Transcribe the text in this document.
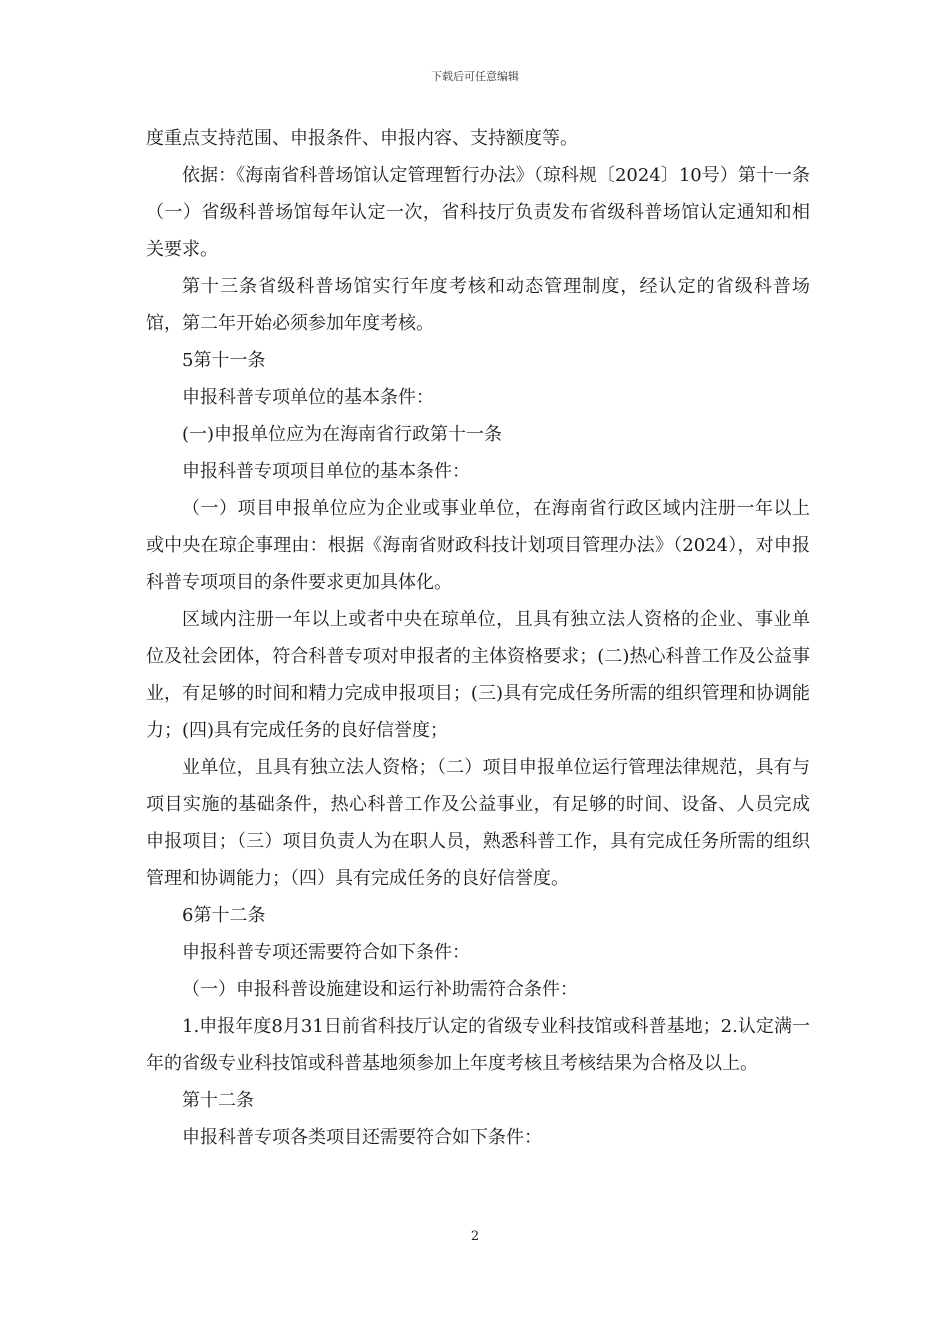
下载后可任意编辑

度重点支持范围、申报条件、申报内容、支持额度等。

依据：《海南省科普场馆认定管理暂行办法》（琼科规〔2024〕10号）第十一条（一）省级科普场馆每年认定一次，省科技厅负责发布省级科普场馆认定通知和相关要求。

第十三条省级科普场馆实行年度考核和动态管理制度，经认定的省级科普场馆，第二年开始必须参加年度考核。

5第十一条

申报科普专项单位的基本条件：

(一)申报单位应为在海南省行政第十一条

申报科普专项项目单位的基本条件：

（一）项目申报单位应为企业或事业单位，在海南省行政区域内注册一年以上或中央在琼企事理由：根据《海南省财政科技计划项目管理办法》（2024），对申报科普专项项目的条件要求更加具体化。

区域内注册一年以上或者中央在琼单位，且具有独立法人资格的企业、事业单位及社会团体，符合科普专项对申报者的主体资格要求；(二)热心科普工作及公益事业，有足够的时间和精力完成申报项目；(三)具有完成任务所需的组织管理和协调能力；(四)具有完成任务的良好信誉度；

业单位，且具有独立法人资格；（二）项目申报单位运行管理法律规范，具有与项目实施的基础条件，热心科普工作及公益事业，有足够的时间、设备、人员完成申报项目；（三）项目负责人为在职人员，熟悉科普工作，具有完成任务所需的组织管理和协调能力；（四）具有完成任务的良好信誉度。

6第十二条

申报科普专项还需要符合如下条件：

（一）申报科普设施建设和运行补助需符合条件：

1.申报年度8月31日前省科技厅认定的省级专业科技馆或科普基地；2.认定满一年的省级专业科技馆或科普基地须参加上年度考核且考核结果为合格及以上。

第十二条

申报科普专项各类项目还需要符合如下条件：

2
